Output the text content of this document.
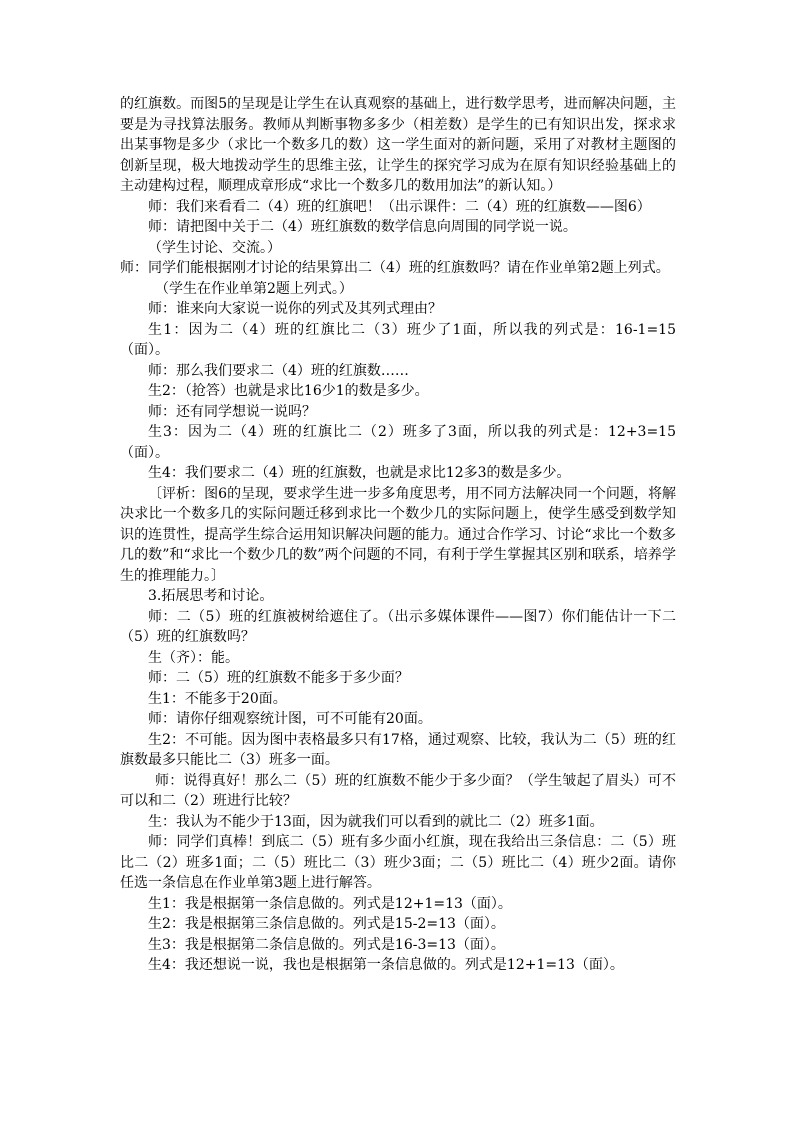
的红旗数。而图5的呈现是让学生在认真观察的基础上，进行数学思考，进而解决问题，主要是为寻找算法服务。教师从判断事物多多少（相差数）是学生的已有知识出发，探求求出某事物是多少（求比一个数多几的数）这一学生面对的新问题，采用了对教材主题图的创新呈现，极大地拨动学生的思维主弦，让学生的探究学习成为在原有知识经验基础上的主动建构过程，顺理成章形成“求比一个数多几的数用加法”的新认知。）

师：我们来看看二（4）班的红旗吧！（出示课件：二（4）班的红旗数——图6）

师：请把图中关于二（4）班红旗数的数学信息向周围的同学说一说。

（学生讨论、交流。）

师：同学们能根据刚才讨论的结果算出二（4）班的红旗数吗？请在作业单第2题上列式。

（学生在作业单第2题上列式。）

师：谁来向大家说一说你的列式及其列式理由？

生1：因为二（4）班的红旗比二（3）班少了1面，所以我的列式是：16-1=15（面）。

师：那么我们要求二（4）班的红旗数……

生2：（抢答）也就是求比16少1的数是多少。

师：还有同学想说一说吗？

生3：因为二（4）班的红旗比二（2）班多了3面，所以我的列式是：12+3=15（面）。

生4：我们要求二（4）班的红旗数，也就是求比12多3的数是多少。

〔评析：图6的呈现，要求学生进一步多角度思考，用不同方法解决同一个问题，将解决求比一个数多几的实际问题迁移到求比一个数少几的实际问题上，使学生感受到数学知识的连贯性，提高学生综合运用知识解决问题的能力。通过合作学习、讨论“求比一个数多几的数”和“求比一个数少几的数”两个问题的不同，有利于学生掌握其区别和联系，培养学生的推理能力。〕

3.拓展思考和讨论。

师：二（5）班的红旗被树给遮住了。（出示多媒体课件——图7）你们能估计一下二（5）班的红旗数吗？

生（齐）：能。

师：二（5）班的红旗数不能多于多少面？

生1：不能多于20面。

师：请你仔细观察统计图，可不可能有20面。

生2：不可能。因为图中表格最多只有17格，通过观察、比较，我认为二（5）班的红旗数最多只能比二（3）班多一面。

师：说得真好！那么二（5）班的红旗数不能少于多少面？（学生皱起了眉头）可不可以和二（2）班进行比较？

生：我认为不能少于13面，因为就我们可以看到的就比二（2）班多1面。

师：同学们真棒！到底二（5）班有多少面小红旗，现在我给出三条信息：二（5）班比二（2）班多1面；二（5）班比二（3）班少3面；二（5）班比二（4）班少2面。请你任选一条信息在作业单第3题上进行解答。

生1：我是根据第一条信息做的。列式是12+1=13（面）。

生2：我是根据第三条信息做的。列式是15-2=13（面）。

生3：我是根据第二条信息做的。列式是16-3=13（面）。

生4：我还想说一说，我也是根据第一条信息做的。列式是12+1=13（面）。
